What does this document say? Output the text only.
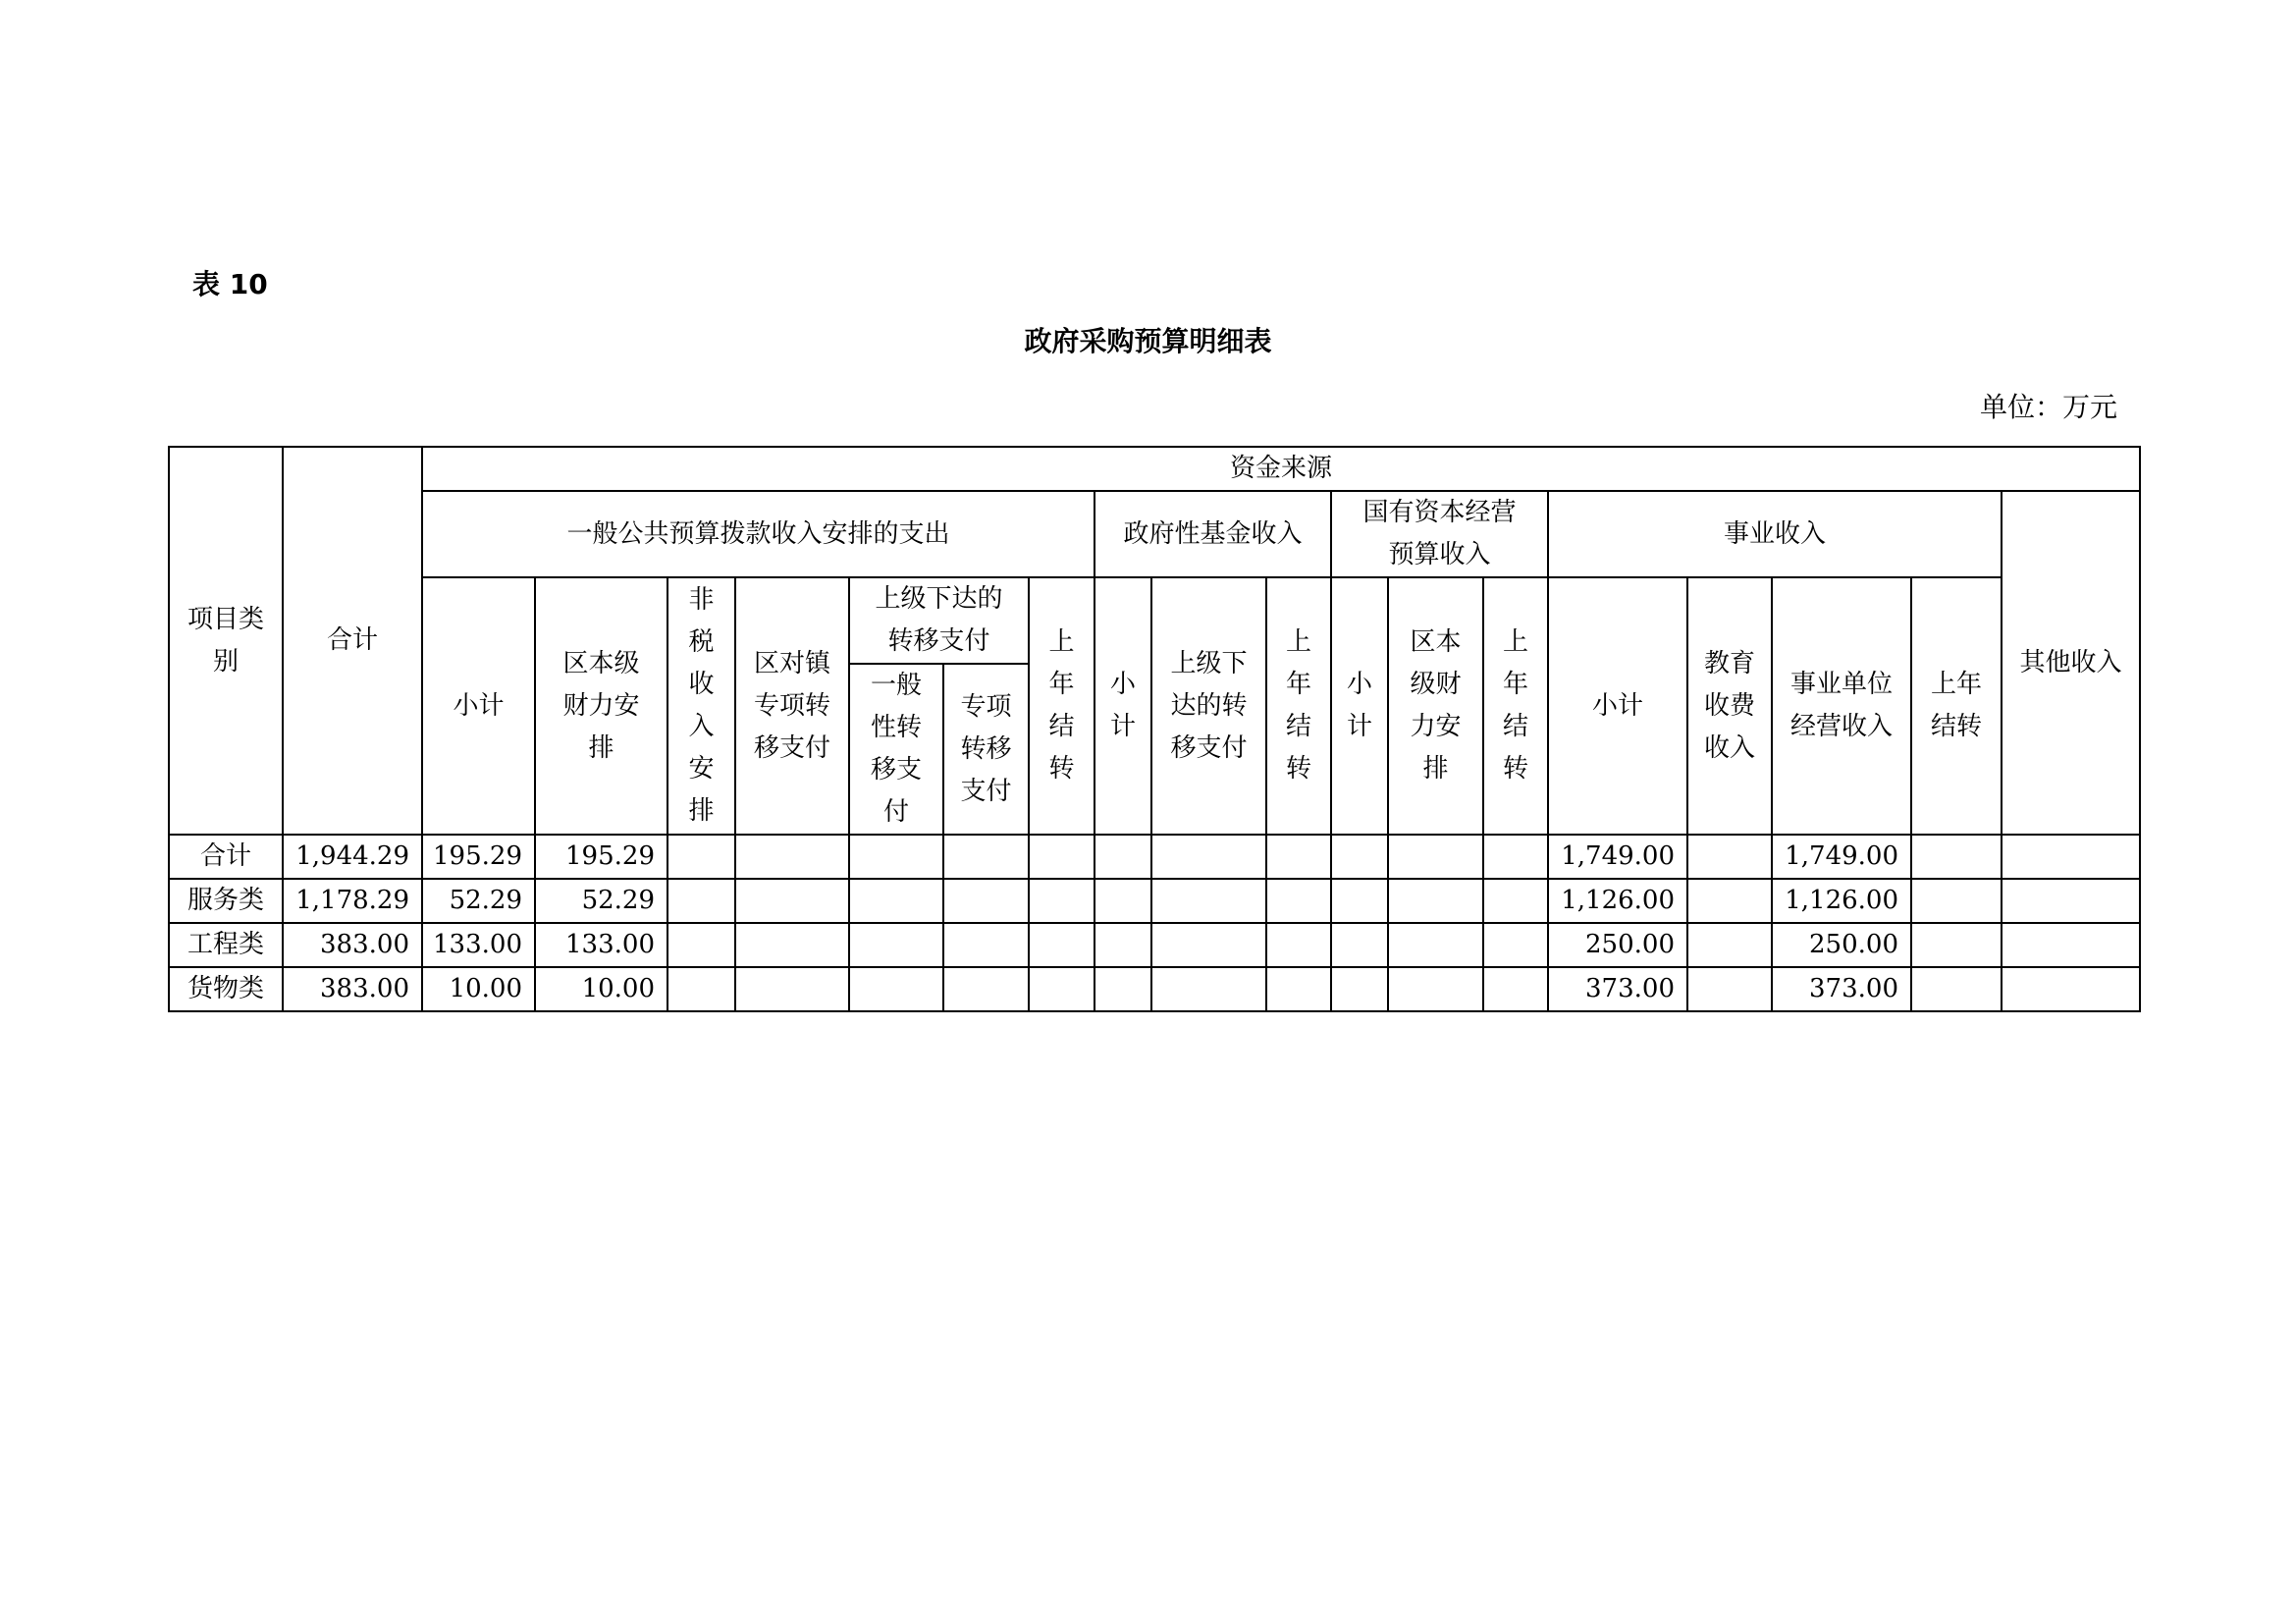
表 10
政府采购预算明细表
单位：万元
项目类别	合计	资金来源																	
		一般公共预算拨款收入安排的支出							政府性基金收入			国有资本经营预算收入			事业收入				其他收入
		小计	区本级财力安排	非税收入安排	区对镇专项转移支付	上级下达的转移支付		上年结转	小计	上级下达的转移支付	上年结转	小计	区本级财力安排	上年结转	小计	教育收费收入	事业单位经营收入	上年结转	

						一般性转移支付	专项转移支付												

合计	1,944.29	195.29	195.29												1,749.00		1,749.00		
服务类	1,178.29	52.29	52.29												1,126.00		1,126.00		
工程类	383.00	133.00	133.00												250.00		250.00		
货物类	383.00	10.00	10.00												373.00		373.00		
